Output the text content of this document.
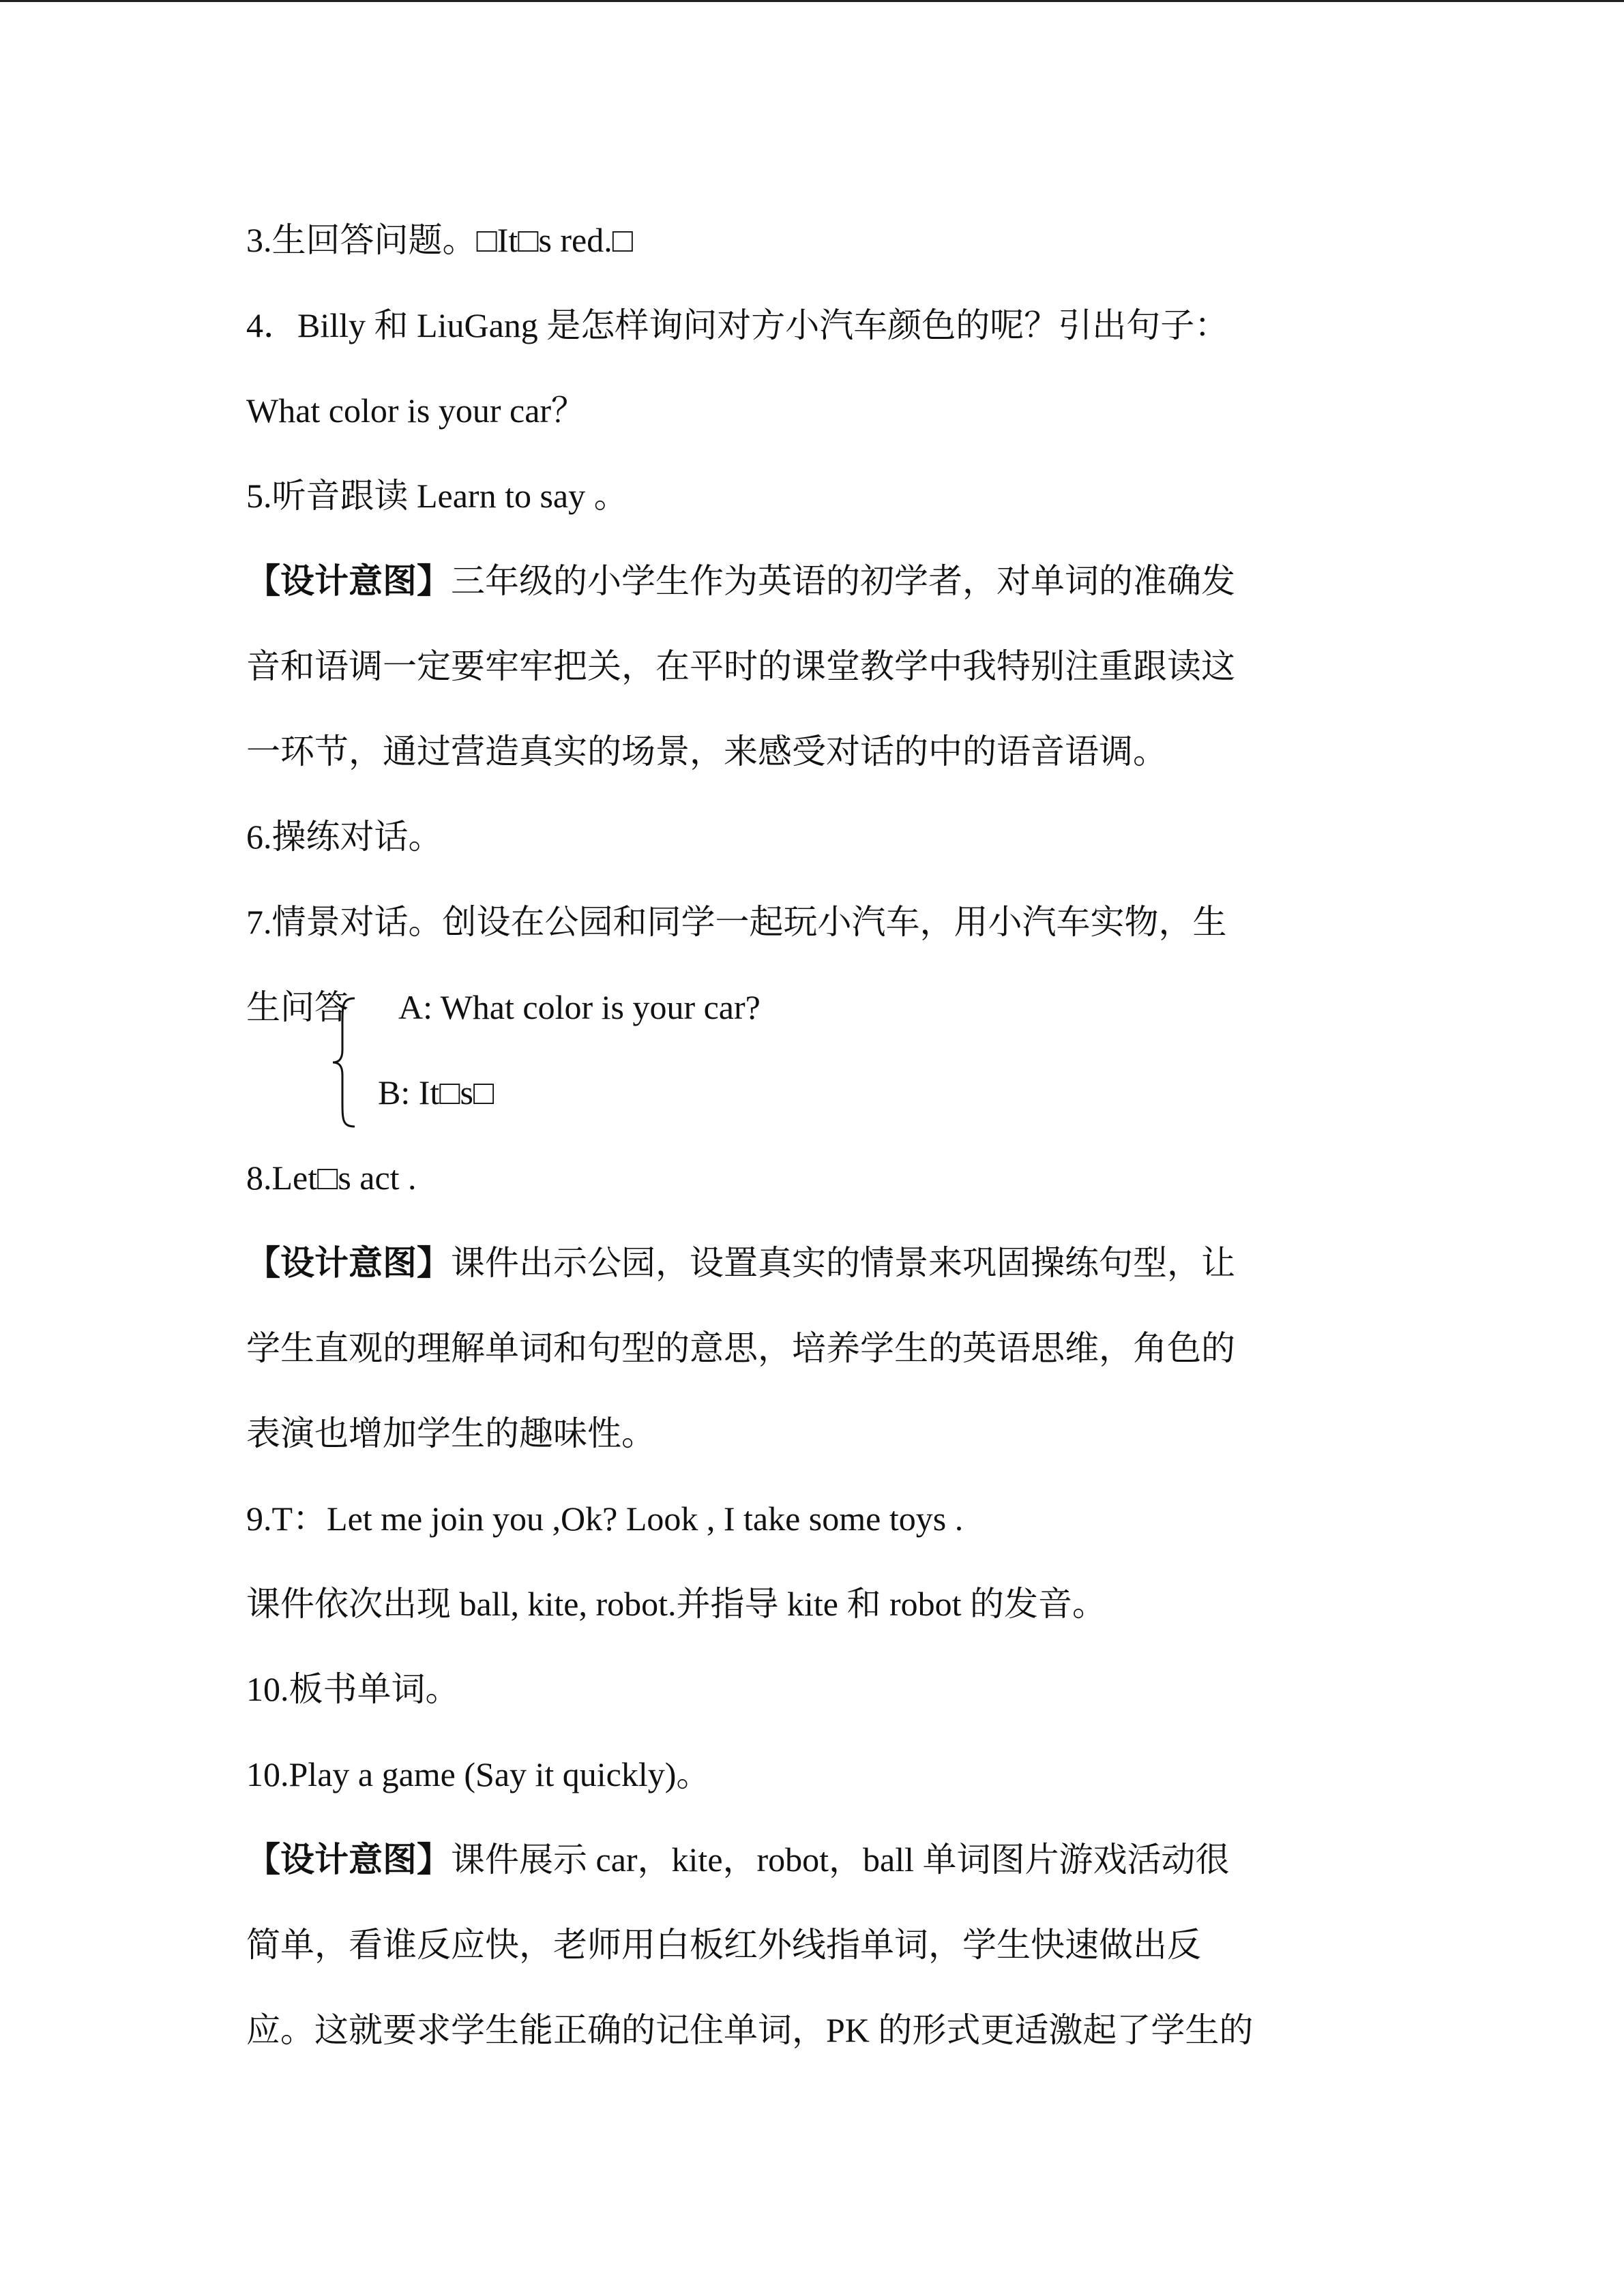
3.生回答问题。□It□s red.□
4．Billy 和 LiuGang 是怎样询问对方小汽车颜色的呢？引出句子：
What color is your car？
5.听音跟读 Learn to say 。
【设计意图】三年级的小学生作为英语的初学者，对单词的准确发
音和语调一定要牢牢把关，在平时的课堂教学中我特别注重跟读这
一环节，通过营造真实的场景，来感受对话的中的语音语调。
6.操练对话。
7.情景对话。创设在公园和同学一起玩小汽车，用小汽车实物，生
生问答 A: What color is your car?
B: It□s□
8.Let□s act .
【设计意图】课件出示公园，设置真实的情景来巩固操练句型，让
学生直观的理解单词和句型的意思，培养学生的英语思维，角色的
表演也增加学生的趣味性。
9.T：Let me join you ,Ok? Look , I take some toys .
课件依次出现 ball, kite, robot.并指导 kite 和 robot 的发音。
10.板书单词。
10.Play a game (Say it quickly)。
【设计意图】课件展示 car，kite，robot，ball 单词图片游戏活动很
简单，看谁反应快，老师用白板红外线指单词，学生快速做出反
应。这就要求学生能正确的记住单词，PK 的形式更适激起了学生的
